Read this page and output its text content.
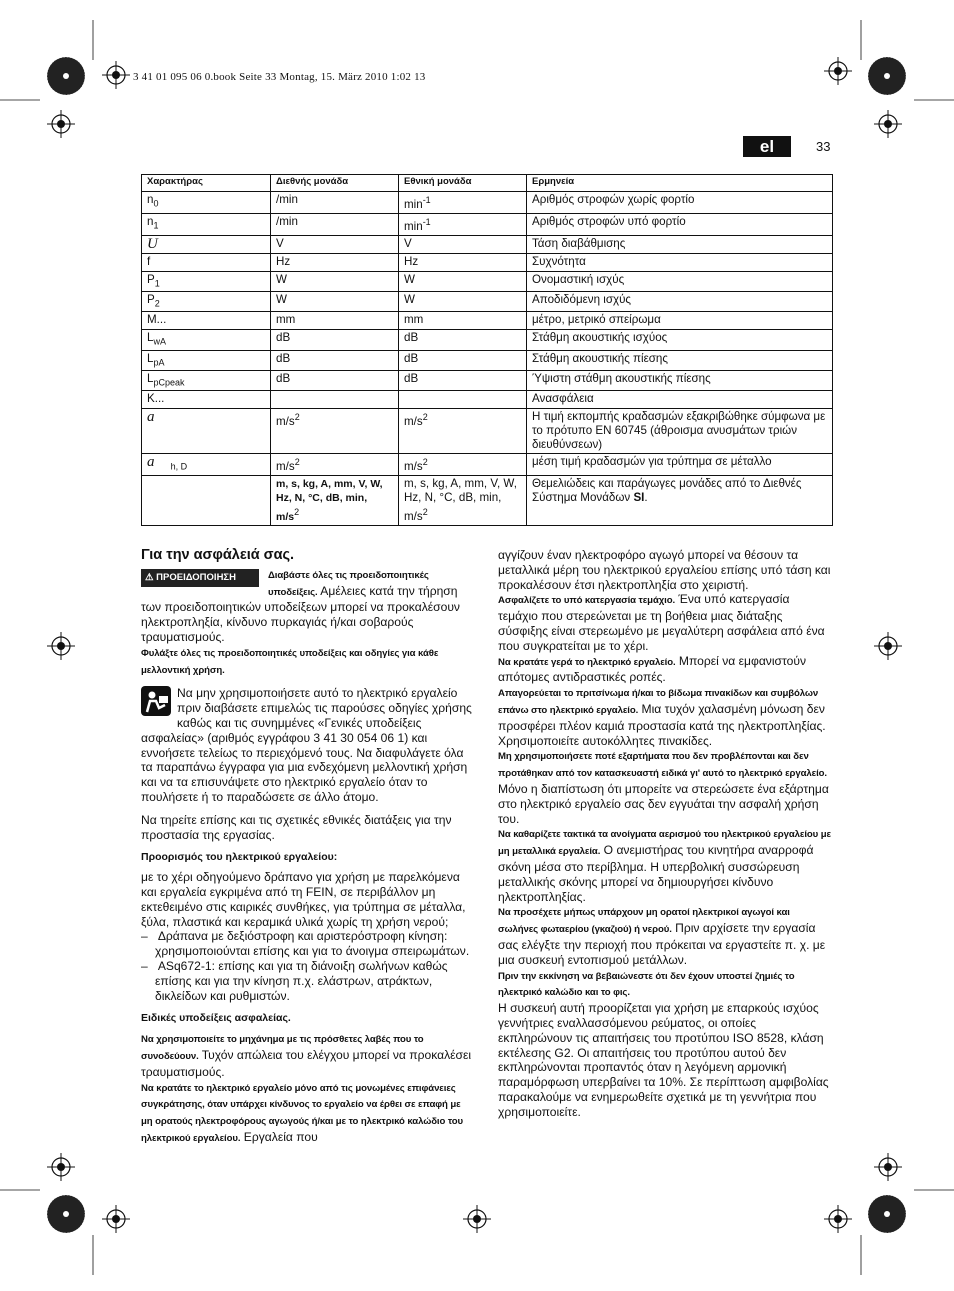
3 41 01 095 06 0.book Seite 33 Montag, 15. März 2010 1:02 13
el	33
Χαρακτήρας	Διεθνής μονάδα	Εθνική μονάδα	Ερμηνεία
$n_0$	/min	$\min^{-1}$	Αριθμός στροφών χωρίς φορτίο
$n_1$	/min	$\min^{-1}$	Αριθμός στροφών υπό φορτίο
U	V	V	Τάση διαβάθμισης
f	Hz	Hz	Συχνότητα
$P_1$	W	W	Ονομαστική ισχύς
$P_2$	W	W	Αποδιδόμενη ισχύς
M...	mm	mm	μέτρο, μετρικό σπείρωμα
$L_{wA}$	dB	dB	Στάθμη ακουστικής ισχύος
$L_{pA}$	dB	dB	Στάθμη ακουστικής πίεσης
$L_{pCpeak}$	dB	dB	Ύψιστη στάθμη ακουστικής πίεσης
K...			Ανασφάλεια
a	$m/s^2$	$m/s^2$	Η τιμή εκπομπής κραδασμών εξακριβώθηκε σύμφωνα με το πρότυπο EN 60745 (άθροισμα ανυσμάτων τριών διευθύνσεων)
a $_{h, D}$	$m/s^2$	$m/s^2$	μέση τιμή κραδασμών για τρύπημα σε μέταλλο
	m, s, kg, A, mm, V, W, Hz, N, °C, dB, min, $m/s^2$	m, s, kg, A, mm, V, W, Hz, N, °C, dB, min, $m/s^2$	Θεμελιώδεις και παράγωγες μονάδες από το Διεθνές Σύστημα Μονάδων SI.
Για την ασφάλειά σας.
⚠ ΠΡΟΕΙΔΟΠΟΙΗΣΗ	Διαβάστε όλες τις προειδοποιητικές υποδείξεις. Αμέλειες κατά την τήρηση των προειδοποιητικών υποδείξεων μπορεί να προκαλέσουν ηλεκτροπληξία, κίνδυνο πυρκαγιάς ή/και σοβαρούς τραυματισμούς.

Φυλάξτε όλες τις προειδοποιητικές υποδείξεις και οδηγίες για κάθε μελλοντική χρήση.

Να μην χρησιμοποιήσετε αυτό το ηλεκτρικό εργαλείο πριν διαβάσετε επιμελώς τις παρούσες οδηγίες χρήσης καθώς και τις συνημμένες «Γενικές υποδείξεις ασφαλείας» (αριθμός εγγράφου 3 41 30 054 06 1) και εννοήσετε τελείως το περιεχόμενό τους. Να διαφυλάγετε όλα τα παραπάνω έγγραφα για μια ενδεχόμενη μελλοντική χρήση και να τα επισυνάψετε στο ηλεκτρικό εργαλείο όταν το πουλήσετε ή το παραδώσετε σε άλλο άτομο.

Να τηρείτε επίσης και τις σχετικές εθνικές διατάξεις για την προστασία της εργασίας.

Προορισμός του ηλεκτρικού εργαλείου:

με το χέρι οδηγούμενο δράπανο για χρήση με παρελκόμενα και εργαλεία εγκριμένα από τη FEIN, σε περιβάλλον μη εκτεθειμένο στις καιρικές συνθήκες, για τρύπημα σε μέταλλα, ξύλα, πλαστικά και κεραμικά υλικά χωρίς τη χρήση νερού;

–   Δράπανα με δεξιόστροφη και αριστερόστροφη κίνηση: χρησιμοποιούνται επίσης και για το άνοιγμα σπειρωμάτων.

–   ASq672-1: επίσης και για τη διάνοιξη σωλήνων καθώς επίσης και για την κίνηση π.χ. ελάστρων, ατράκτων, δικλείδων και ρυθμιστών.

Ειδικές υποδείξεις ασφαλείας.

Να χρησιμοποιείτε το μηχάνημα με τις πρόσθετες λαβές που το συνοδεύουν. Τυχόν απώλεια του ελέγχου μπορεί να προκαλέσει τραυματισμούς.

Να κρατάτε το ηλεκτρικό εργαλείο μόνο από τις μονωμένες επιφάνειες συγκράτησης, όταν υπάρχει κίνδυνος το εργαλείο να έρθει σε επαφή με μη ορατούς ηλεκτροφόρους αγωγούς ή/και με το ηλεκτρικό καλώδιο του ηλεκτρικού εργαλείου. Εργαλεία που

αγγίζουν έναν ηλεκτροφόρο αγωγό μπορεί να θέσουν τα μεταλλικά μέρη του ηλεκτρικού εργαλείου επίσης υπό τάση και προκαλέσουν έτσι ηλεκτροπληξία στο χειριστή.

Ασφαλίζετε το υπό κατεργασία τεμάχιο. Ένα υπό κατεργασία τεμάχιο που στερεώνεται με τη βοήθεια μιας διάταξης σύσφιξης είναι στερεωμένο με μεγαλύτερη ασφάλεια από ένα που συγκρατείται με το χέρι.

Να κρατάτε γερά το ηλεκτρικό εργαλείο. Μπορεί να εμφανιστούν απότομες αντιδραστικές ροπές.

Απαγορεύεται το πριτσίνωμα ή/και το βίδωμα πινακίδων και συμβόλων επάνω στο ηλεκτρικό εργαλείο. Μια τυχόν χαλασμένη μόνωση δεν προσφέρει πλέον καμιά προστασία κατά της ηλεκτροπληξίας. Χρησιμοποιείτε αυτοκόλλητες πινακίδες.

Μη χρησιμοποιήσετε ποτέ εξαρτήματα που δεν προβλέπονται και δεν προτάθηκαν από τον κατασκευαστή ειδικά γι' αυτό το ηλεκτρικό εργαλείο. Μόνο η διαπίστωση ότι μπορείτε να στερεώσετε ένα εξάρτημα στο ηλεκτρικό εργαλείο σας δεν εγγυάται την ασφαλή χρήση του.

Να καθαρίζετε τακτικά τα ανοίγματα αερισμού του ηλεκτρικού εργαλείου με μη μεταλλικά εργαλεία. Ο ανεμιστήρας του κινητήρα αναρροφά σκόνη μέσα στο περίβλημα. Η υπερβολική συσσώρευση μεταλλικής σκόνης μπορεί να δημιουργήσει κίνδυνο ηλεκτροπληξίας.

Να προσέχετε μήπως υπάρχουν μη ορατοί ηλεκτρικοί αγωγοί και σωλήνες φωταερίου (γκαζιού) ή νερού. Πριν αρχίσετε την εργασία σας ελέγξτε την περιοχή που πρόκειται να εργαστείτε π. χ. με μια συσκευή εντοπισμού μετάλλων.

Πριν την εκκίνηση να βεβαιώνεστε ότι δεν έχουν υποστεί ζημιές το ηλεκτρικό καλώδιο και το φις.

Η συσκευή αυτή προορίζεται για χρήση με επαρκούς ισχύος γεννήτριες εναλλασσόμενου ρεύματος, οι οποίες εκπληρώνουν τις απαιτήσεις του προτύπου ISO 8528, κλάση εκτέλεσης G2. Οι απαιτήσεις του προτύπου αυτού δεν εκπληρώνονται προπαντός όταν η λεγόμενη αρμονική παραμόρφωση υπερβαίνει τα 10%. Σε περίπτωση αμφιβολίας παρακαλούμε να ενημερωθείτε σχετικά με τη γεννήτρια που χρησιμοποιείτε.
